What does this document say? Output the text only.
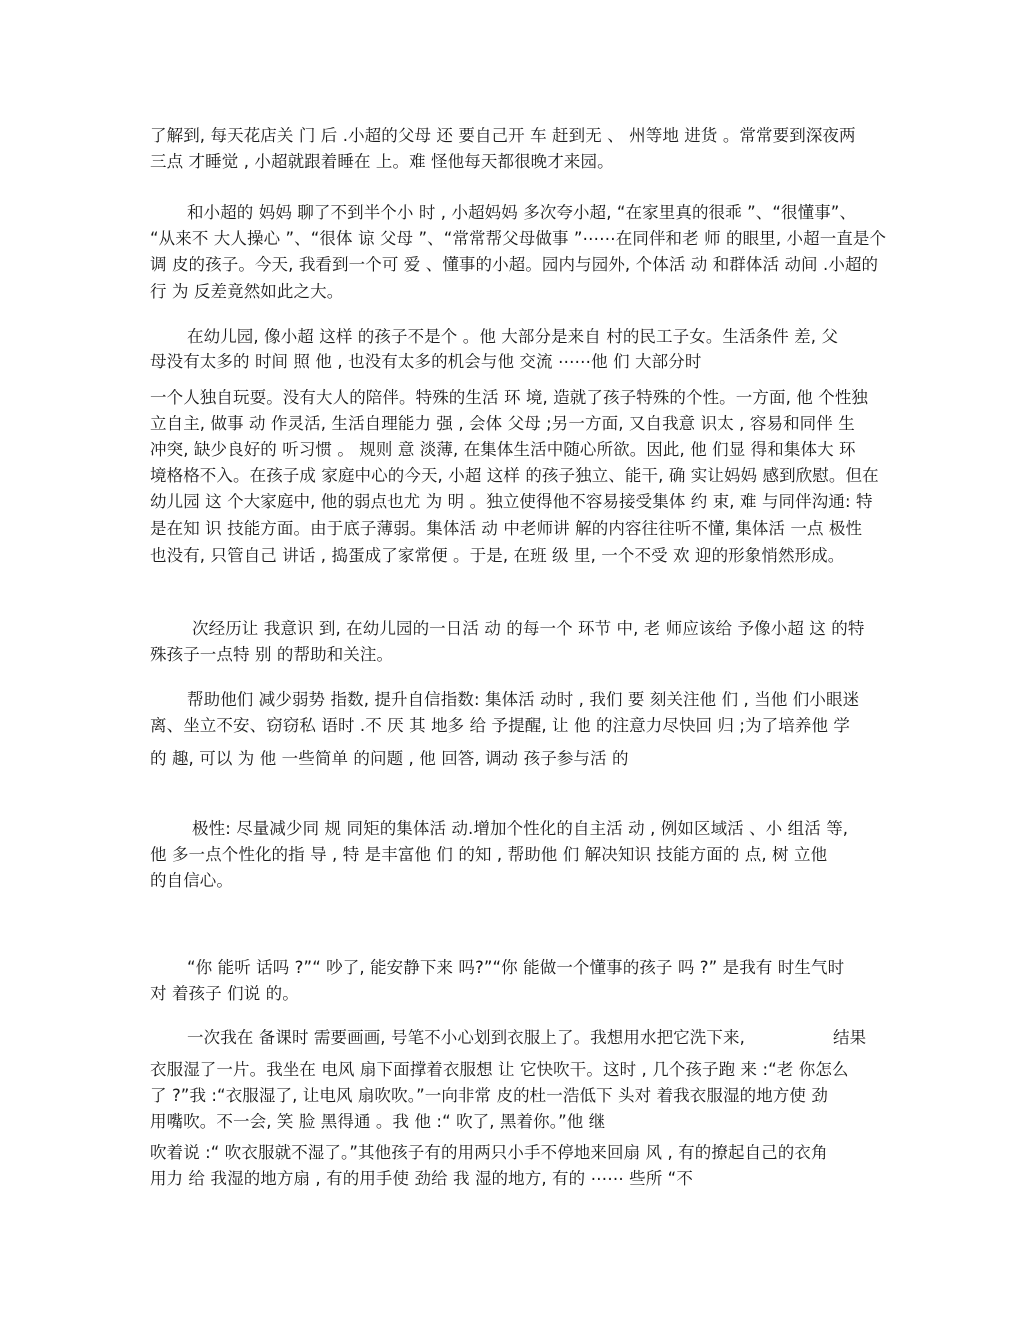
了解到, 每天花店关 门 后 .小超的父母 还 要自己开 车 赶到无 、 州等地 进货 。常常要到深夜两
三点 才睡觉 , 小超就跟着睡在 上。难 怪他每天都很晚才来园。
和小超的 妈妈 聊了不到半个小 时 , 小超妈妈 多次夸小超, “在家里真的很乖 ”、“很懂事”、
“从来不 大人操心 ”、“很体 谅 父母 ”、“常常帮父母做事 ”⋯⋯在同伴和老 师 的眼里, 小超一直是个
调 皮的孩子。今天, 我看到一个可 爱 、懂事的小超。园内与园外, 个体活 动 和群体活 动间 .小超的
行 为 反差竟然如此之大。
在幼儿园, 像小超 这样 的孩子不是个 。他 大部分是来自 村的民工子女。生活条件 差, 父
母没有太多的 时间 照 他 , 也没有太多的机会与他 交流 ⋯⋯他 们 大部分时
一个人独自玩耍。没有大人的陪伴。特殊的生活 环 境, 造就了孩子特殊的个性。一方面, 他 个性独
立自主, 做事 动 作灵活, 生活自理能力 强 , 会体 父母 ;另一方面, 又自我意 识太 , 容易和同伴 生
冲突, 缺少良好的 听习惯 。 规则 意 淡薄, 在集体生活中随心所欲。因此, 他 们显 得和集体大 环
境格格不入。在孩子成 家庭中心的今天, 小超 这样 的孩子独立、能干, 确 实让妈妈 感到欣慰。但在
幼儿园 这 个大家庭中, 他的弱点也尤 为 明 。独立使得他不容易接受集体 约 束, 难 与同伴沟通: 特
是在知 识 技能方面。由于底子薄弱。集体活 动 中老师讲 解的内容往往听不懂, 集体活 一点 极性
也没有, 只管自己 讲话 , 捣蛋成了家常便 。于是, 在班 级 里, 一个不受 欢 迎的形象悄然形成。
次经历让 我意识 到, 在幼儿园的一日活 动 的每一个 环节 中, 老 师应该给 予像小超 这 的特
殊孩子一点特 别 的帮助和关注。
帮助他们 减少弱势 指数, 提升自信指数: 集体活 动时 , 我们 要 刻关注他 们 , 当他 们小眼迷
离、坐立不安、窃窃私 语时 .不 厌 其 地多 给 予提醒, 让 他 的注意力尽快回 归 ;为了培养他 学
的 趣, 可以 为 他 一些简单 的问题 , 他 回答, 调动 孩子参与活 的
极性: 尽量减少同 规 同矩的集体活 动.增加个性化的自主活 动 , 例如区域活 、小 组活 等,
他 多一点个性化的指 导 , 特 是丰富他 们 的知 , 帮助他 们 解决知识 技能方面的 点, 树 立他
的自信心。
“你 能听 话吗 ?”“ 吵了, 能安静下来 吗?”“你 能做一个懂事的孩子 吗 ?” 是我有 时生气时
对 着孩子 们说 的。
一次我在 备课时 需要画画, 号笔不小心划到衣服上了。我想用水把它洗下来,	结果
衣服湿了一片。我坐在 电风 扇下面撑着衣服想 让 它快吹干。这时 , 几个孩子跑 来 :“老 你怎么
了 ?”我 :“衣服湿了, 让电风 扇吹吹。”一向非常 皮的杜一浩低下 头对 着我衣服湿的地方使 劲
用嘴吹。不一会, 笑 脸 黑得通 。我 他 :“ 吹了, 黑着你。”他 继
吹着说 :“ 吹衣服就不湿了。”其他孩子有的用两只小手不停地来回扇 风 , 有的撩起自己的衣角
用力 给 我湿的地方扇 , 有的用手使 劲给 我 湿的地方, 有的 ⋯⋯ 些所 “不
